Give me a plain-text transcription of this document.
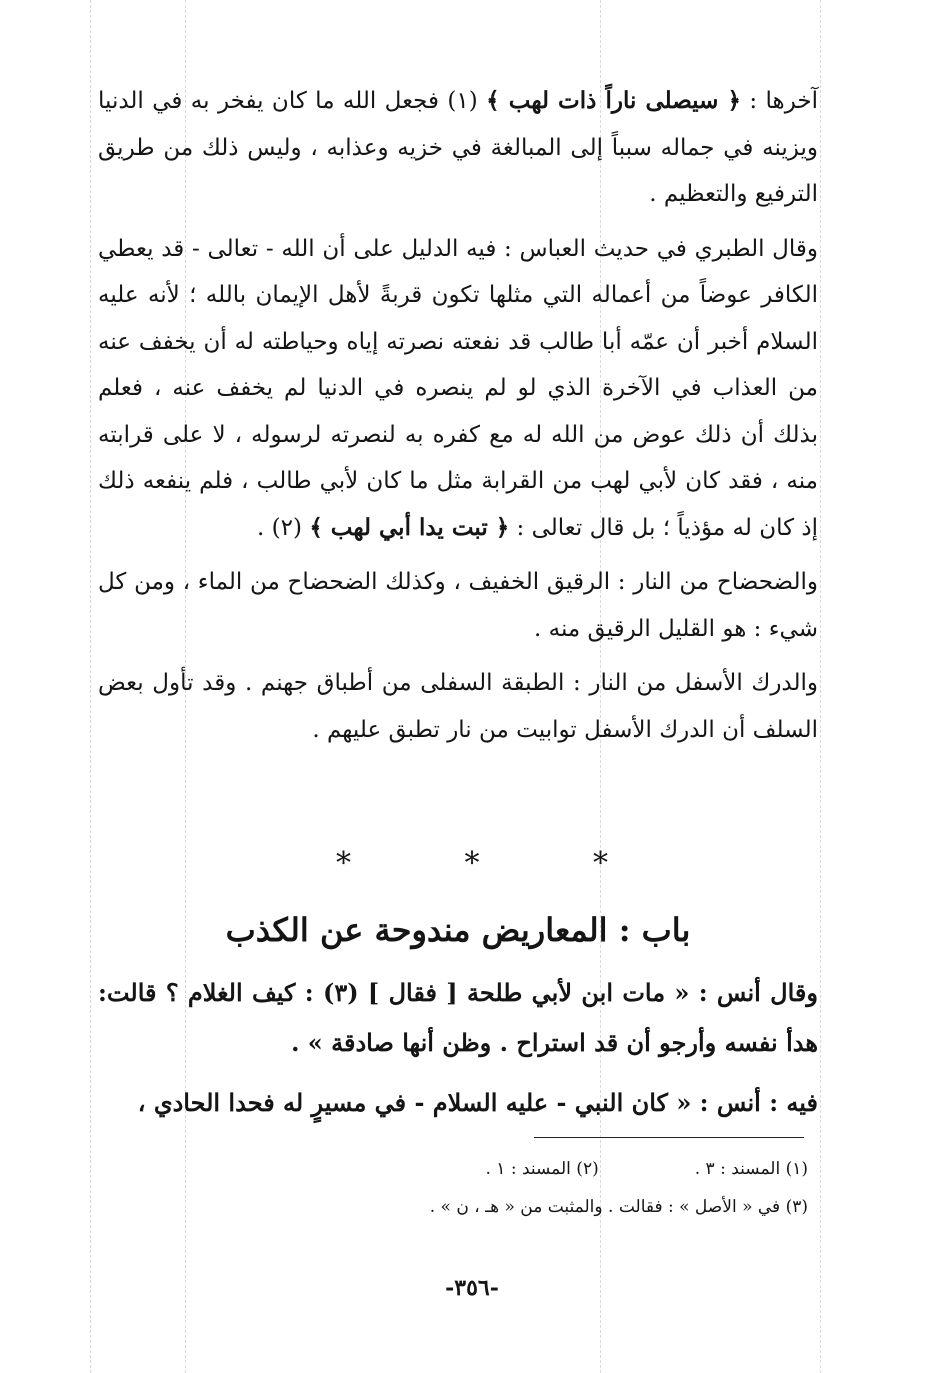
آخرها : ﴿ سيصلى ناراً ذات لهب ﴾ (١) فجعل الله ما كان يفخر به في الدنيا ويزينه في جماله سبباً إلى المبالغة في خزيه وعذابه ، وليس ذلك من طريق الترفيع والتعظيم .

وقال الطبري في حديث العباس : فيه الدليل على أن الله - تعالى - قد يعطي الكافر عوضاً من أعماله التي مثلها تكون قربةً لأهل الإيمان بالله ؛ لأنه عليه السلام أخبر أن عمّه أبا طالب قد نفعته نصرته إياه وحياطته له أن يخفف عنه من العذاب في الآخرة الذي لو لم ينصره في الدنيا لم يخفف عنه ، فعلم بذلك أن ذلك عوض من الله له مع كفره به لنصرته لرسوله ، لا على قرابته منه ، فقد كان لأبي لهب من القرابة مثل ما كان لأبي طالب ، فلم ينفعه ذلك إذ كان له مؤذياً ؛ بل قال تعالى : ﴿ تبت يدا أبي لهب ﴾ (٢) .

والضحضاح من النار : الرقيق الخفيف ، وكذلك الضحضاح من الماء ، ومن كل شيء : هو القليل الرقيق منه .

والدرك الأسفل من النار : الطبقة السفلى من أطباق جهنم . وقد تأول بعض السلف أن الدرك الأسفل توابيت من نار تطبق عليهم .

* * *
باب : المعاريض مندوحة عن الكذب

وقال أنس : « مات ابن لأبي طلحة [ فقال ] (٣) : كيف الغلام ؟ قالت: هدأ نفسه وأرجو أن قد استراح . وظن أنها صادقة » .

فيه : أنس : « كان النبي - عليه السلام - في مسيرٍ له فحدا الحادي ،

(١) المسند : ٣ .(٢) المسند : ١ .

(٣) في « الأصل » : فقالت . والمثبت من « هـ ، ن » .

-٣٥٦-
